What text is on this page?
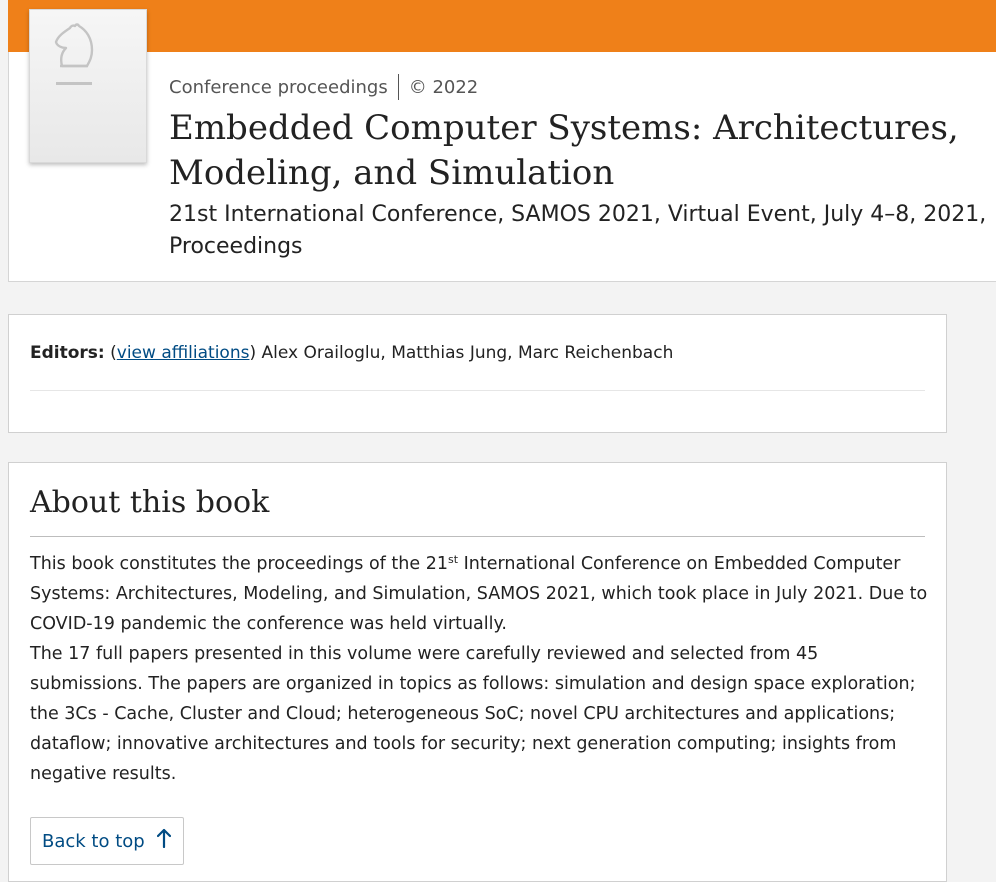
Conference proceedings © 2022
Embedded Computer Systems: Architectures, Modeling, and Simulation
21st International Conference, SAMOS 2021, Virtual Event, July 4–8, 2021, Proceedings
Editors: (view affiliations) Alex Orailoglu, Matthias Jung, Marc Reichenbach
About this book

This book constitutes the proceedings of the 21st International Conference on Embedded Computer Systems: Architectures, Modeling, and Simulation, SAMOS 2021, which took place in July 2021. Due to COVID-19 pandemic the conference was held virtually.

The 17 full papers presented in this volume were carefully reviewed and selected from 45 submissions. The papers are organized in topics as follows: simulation and design space exploration; the 3Cs - Cache, Cluster and Cloud; heterogeneous SoC; novel CPU architectures and applications; dataflow; innovative architectures and tools for security; next generation computing; insights from negative results.

Back to top
